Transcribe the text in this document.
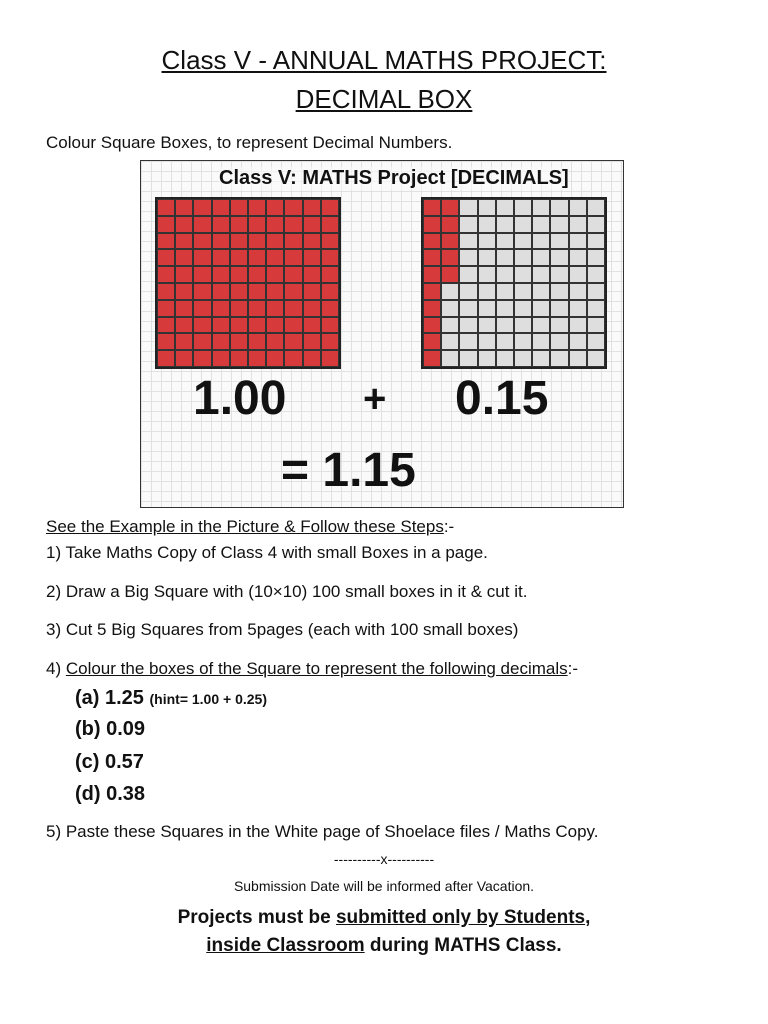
Class V - ANNUAL MATHS PROJECT:
DECIMAL BOX
Colour Square Boxes, to represent Decimal Numbers.
Class V: MATHS Project [DECIMALS]
1.00 + 0.15
= 1.15
See the Example in the Picture & Follow these Steps:-
1) Take Maths Copy of Class 4 with small Boxes in a page.
2) Draw a Big Square with (10×10) 100 small boxes in it & cut it.
3) Cut 5 Big Squares from 5pages (each with 100 small boxes)
4) Colour the boxes of the Square to represent the following decimals:-
(a) 1.25 (hint= 1.00 + 0.25)
(b) 0.09
(c) 0.57
(d) 0.38
5) Paste these Squares in the White page of Shoelace files / Maths Copy.
----------x----------
Submission Date will be informed after Vacation.
Projects must be submitted only by Students,
inside Classroom during MATHS Class.
